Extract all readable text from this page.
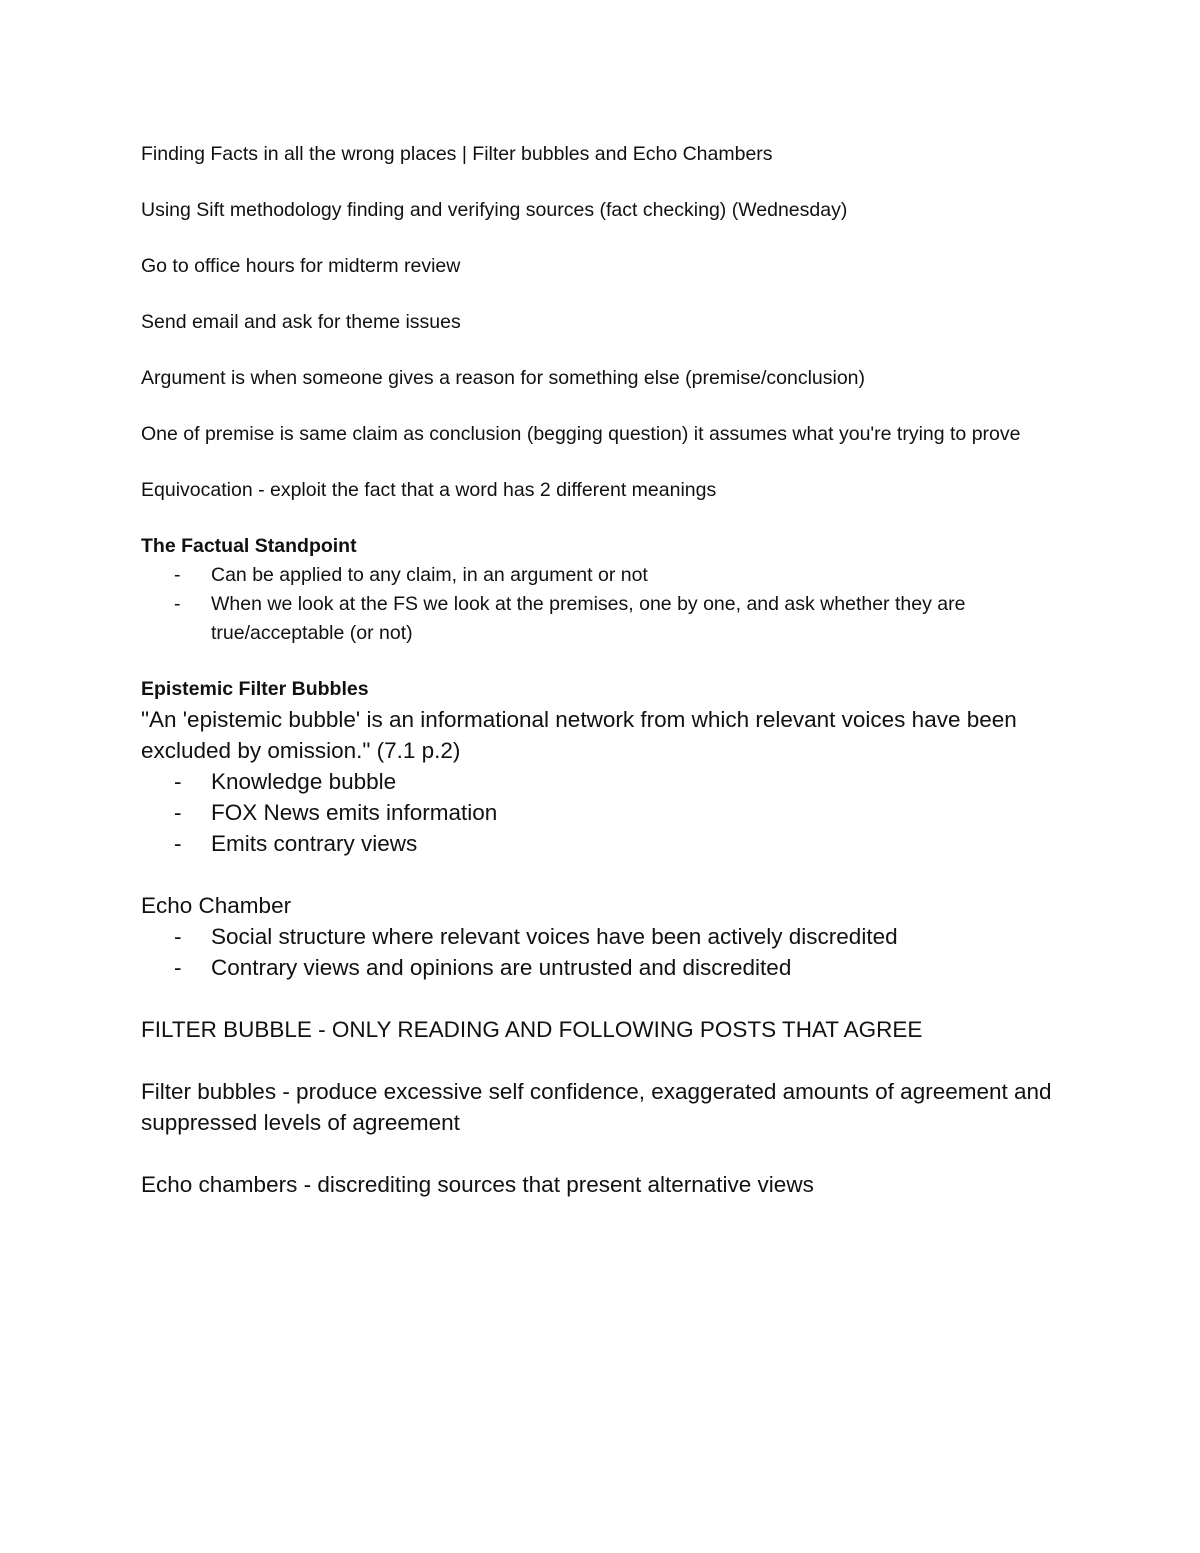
Finding Facts in all the wrong places | Filter bubbles and Echo Chambers

Using Sift methodology finding and verifying sources (fact checking) (Wednesday)

Go to office hours for midterm review

Send email and ask for theme issues

Argument is when someone gives a reason for something else (premise/conclusion)

One of premise is same claim as conclusion (begging question) it assumes what you're trying to prove

Equivocation - exploit the fact that a word has 2 different meanings

The Factual Standpoint

- Can be applied to any claim, in an argument or not
- When we look at the FS we look at the premises, one by one, and ask whether they are true/acceptable (or not)

Epistemic Filter Bubbles

"An 'epistemic bubble' is an informational network from which relevant voices have been excluded by omission." (7.1 p.2)

- Knowledge bubble
- FOX News emits information
- Emits contrary views

Echo Chamber

- Social structure where relevant voices have been actively discredited
- Contrary views and opinions are untrusted and discredited

FILTER BUBBLE - ONLY READING AND FOLLOWING POSTS THAT AGREE

Filter bubbles - produce excessive self confidence, exaggerated amounts of agreement and suppressed levels of agreement

Echo chambers - discrediting sources that present alternative views
